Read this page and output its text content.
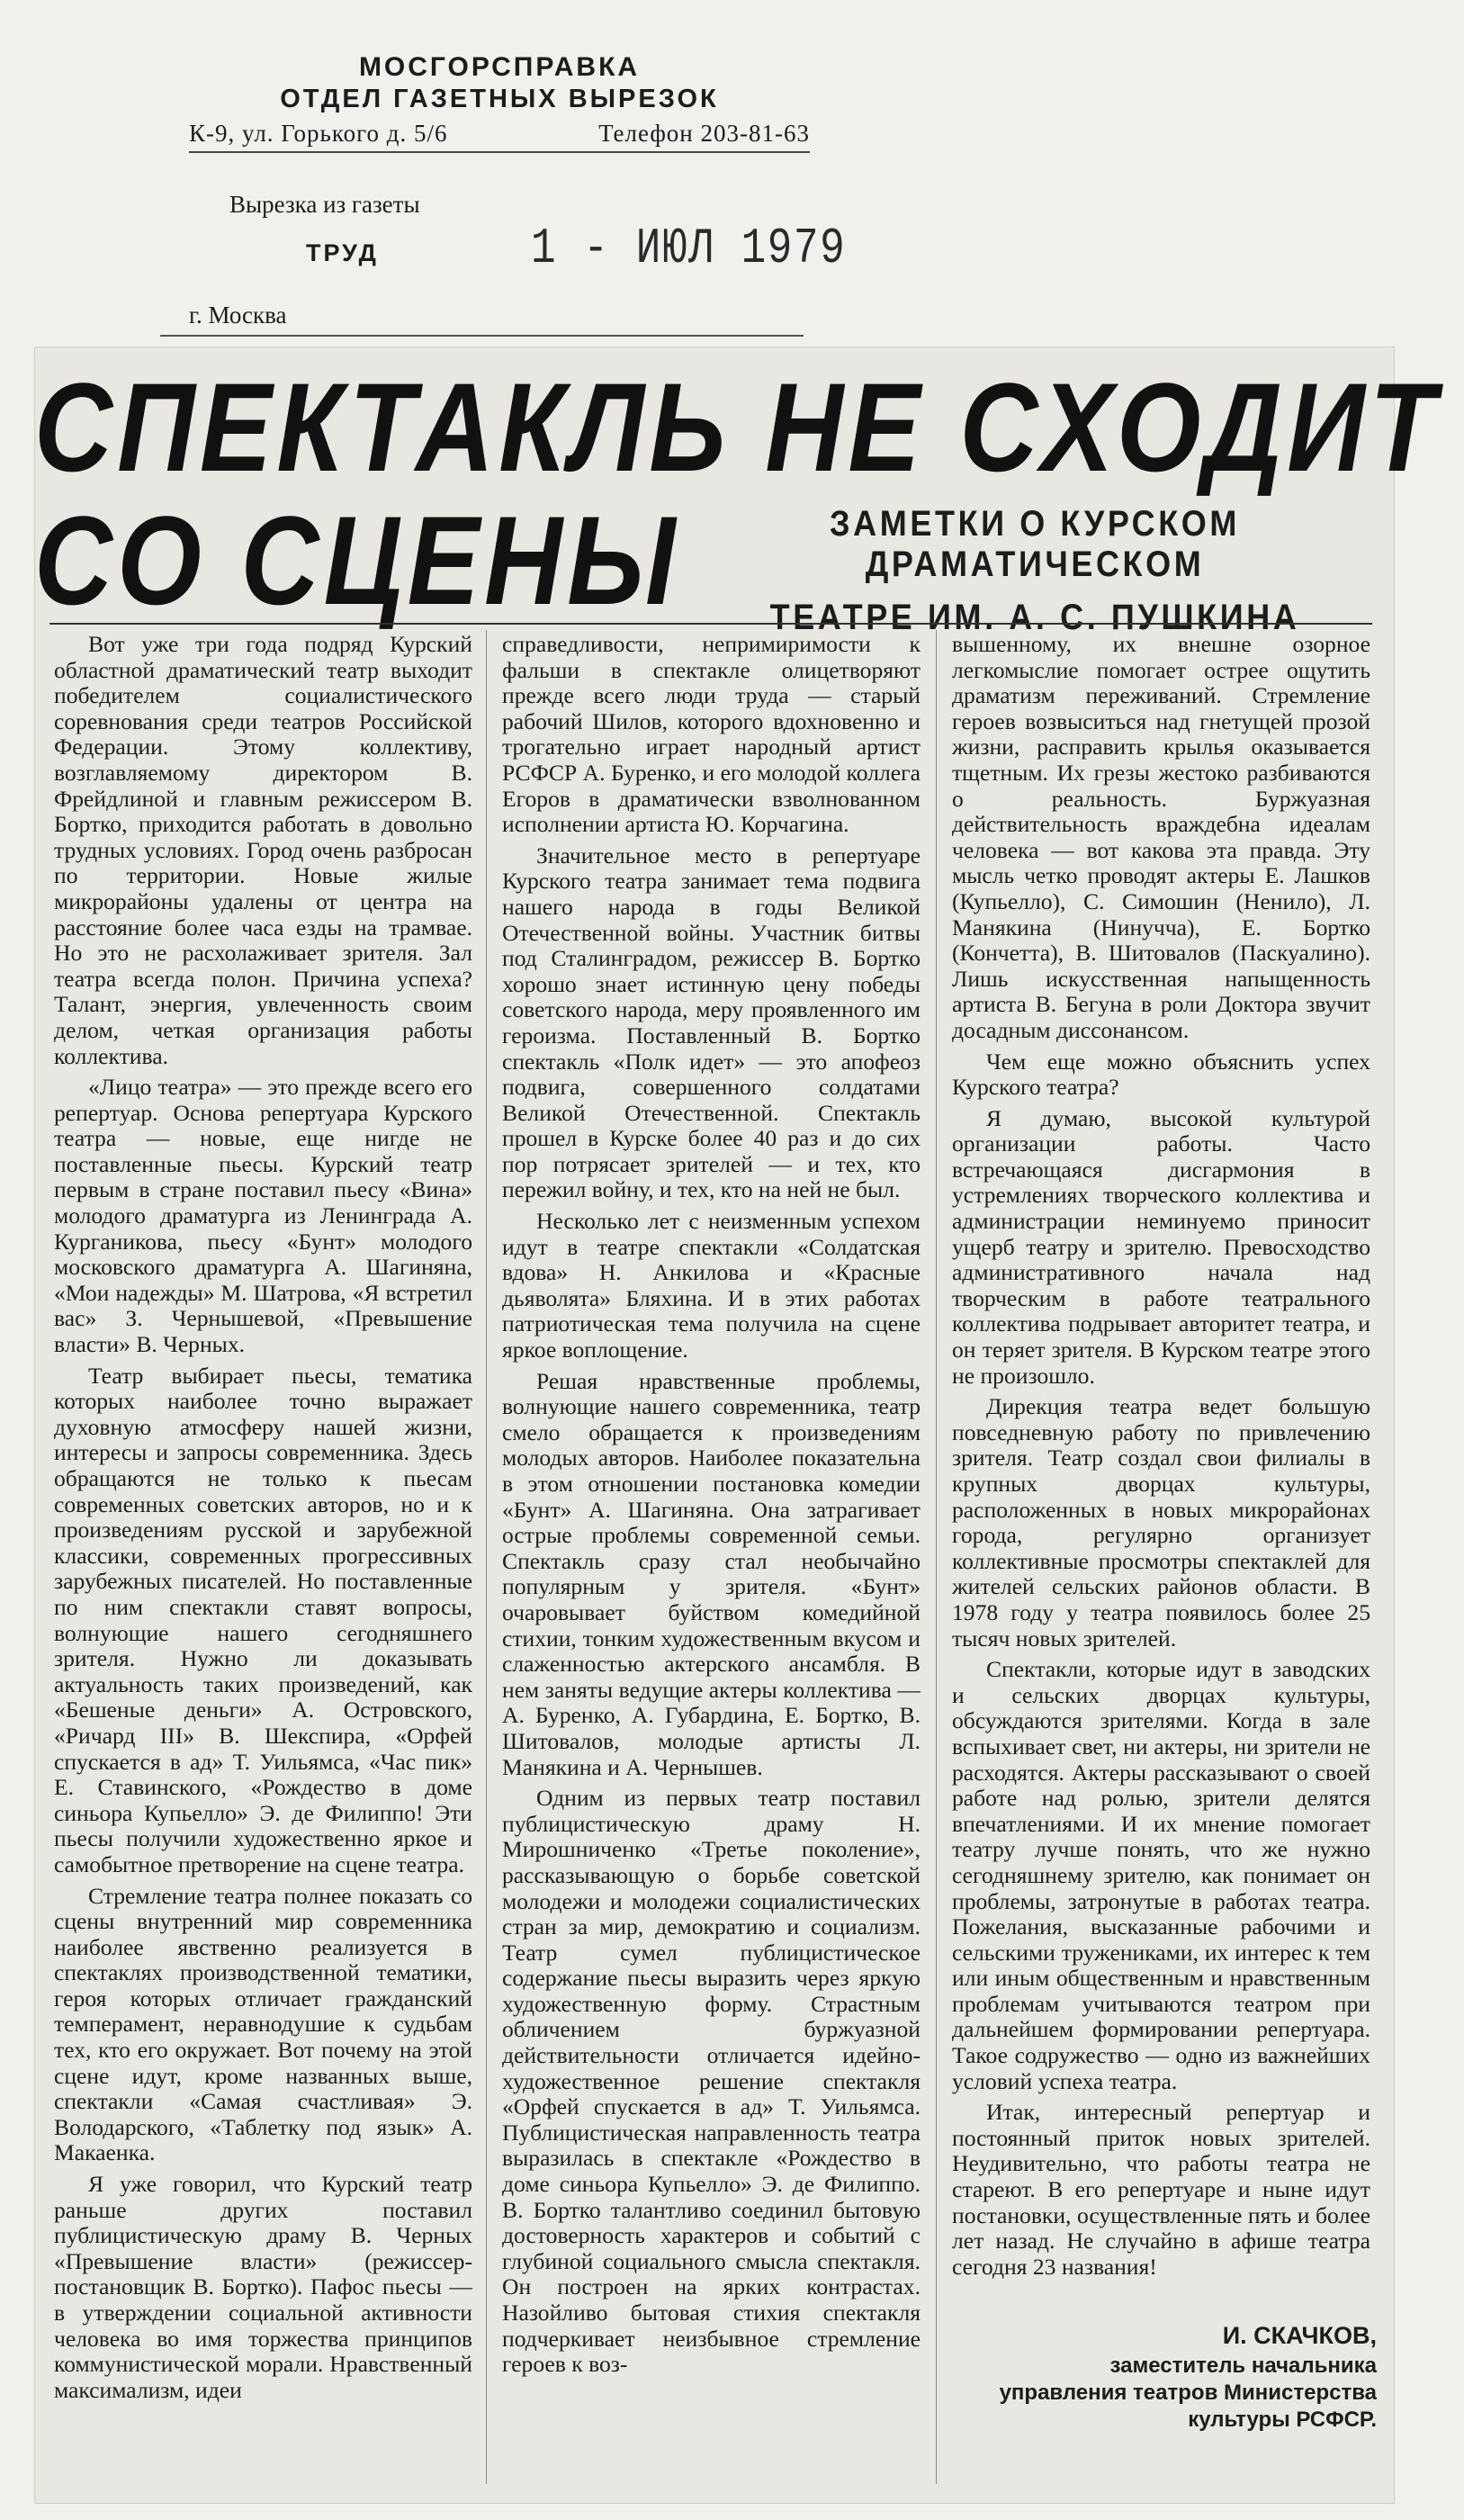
МОСГОРСПРАВКА
ОТДЕЛ ГАЗЕТНЫХ ВЫРЕЗОК
К-9, ул. Горького д. 5/6	Телефон 203-81-63
Вырезка из газеты
ТРУД	1 - ИЮЛ 1979
г. Москва
СПЕКТАКЛЬ НЕ СХОДИТ
СО СЦЕНЫ	ЗАМЕТКИ О КУРСКОМ ДРАМАТИЧЕСКОМ
ТЕАТРЕ ИМ. А. С. ПУШКИНА

Вот уже три года подряд Курский областной драматический театр выходит победителем социалистического соревнования среди театров Российской Федерации. Этому коллективу, возглавляемому директором В. Фрейдлиной и главным режиссером В. Бортко, приходится работать в довольно трудных условиях. Город очень разбросан по территории. Новые жилые микрорайоны удалены от центра на расстояние более часа езды на трамвае. Но это не расхолаживает зрителя. Зал театра всегда полон. Причина успеха? Талант, энергия, увлеченность своим делом, четкая организация работы коллектива.

«Лицо театра» — это прежде всего его репертуар. Основа репертуара Курского театра — новые, еще нигде не поставленные пьесы. Курский театр первым в стране поставил пьесу «Вина» молодого драматурга из Ленинграда А. Курганикова, пьесу «Бунт» молодого московского драматурга А. Шагиняна, «Мои надежды» М. Шатрова, «Я встретил вас» З. Чернышевой, «Превышение власти» В. Черных.

Театр выбирает пьесы, тематика которых наиболее точно выражает духовную атмосферу нашей жизни, интересы и запросы современника. Здесь обращаются не только к пьесам современных советских авторов, но и к произведениям русской и зарубежной классики, современных прогрессивных зарубежных писателей. Но поставленные по ним спектакли ставят вопросы, волнующие нашего сегодняшнего зрителя. Нужно ли доказывать актуальность таких произведений, как «Бешеные деньги» А. Островского, «Ричард III» В. Шекспира, «Орфей спускается в ад» Т. Уильямса, «Час пик» Е. Ставинского, «Рождество в доме синьора Купьелло» Э. де Филиппо! Эти пьесы получили художественно яркое и самобытное претворение на сцене театра.

Стремление театра полнее показать со сцены внутренний мир современника наиболее явственно реализуется в спектаклях производственной тематики, героя которых отличает гражданский темперамент, неравнодушие к судьбам тех, кто его окружает. Вот почему на этой сцене идут, кроме названных выше, спектакли «Самая счастливая» Э. Володарского, «Таблетку под язык» А. Макаенка.

Я уже говорил, что Курский театр раньше других поставил публицистическую драму В. Черных «Превышение власти» (режиссер-постановщик В. Бортко). Пафос пьесы — в утверждении социальной активности человека во имя торжества принципов коммунистической морали. Нравственный максимализм, идеи

справедливости, непримиримости к фальши в спектакле олицетворяют прежде всего люди труда — старый рабочий Шилов, которого вдохновенно и трогательно играет народный артист РСФСР А. Буренко, и его молодой коллега Егоров в драматически взволнованном исполнении артиста Ю. Корчагина.

Значительное место в репертуаре Курского театра занимает тема подвига нашего народа в годы Великой Отечественной войны. Участник битвы под Сталинградом, режиссер В. Бортко хорошо знает истинную цену победы советского народа, меру проявленного им героизма. Поставленный В. Бортко спектакль «Полк идет» — это апофеоз подвига, совершенного солдатами Великой Отечественной. Спектакль прошел в Курске более 40 раз и до сих пор потрясает зрителей — и тех, кто пережил войну, и тех, кто на ней не был.

Несколько лет с неизменным успехом идут в театре спектакли «Солдатская вдова» Н. Анкилова и «Красные дьяволята» Бляхина. И в этих работах патриотическая тема получила на сцене яркое воплощение.

Решая нравственные проблемы, волнующие нашего современника, театр смело обращается к произведениям молодых авторов. Наиболее показательна в этом отношении постановка комедии «Бунт» А. Шагиняна. Она затрагивает острые проблемы современной семьи. Спектакль сразу стал необычайно популярным у зрителя. «Бунт» очаровывает буйством комедийной стихии, тонким художественным вкусом и слаженностью актерского ансамбля. В нем заняты ведущие актеры коллектива — А. Буренко, А. Губардина, Е. Бортко, В. Шитовалов, молодые артисты Л. Манякина и А. Чернышев.

Одним из первых театр поставил публицистическую драму Н. Мирошниченко «Третье поколение», рассказывающую о борьбе советской молодежи и молодежи социалистических стран за мир, демократию и социализм. Театр сумел публицистическое содержание пьесы выразить через яркую художественную форму. Страстным обличением буржуазной действительности отличается идейно-художественное решение спектакля «Орфей спускается в ад» Т. Уильямса. Публицистическая направленность театра выразилась в спектакле «Рождество в доме синьора Купьелло» Э. де Филиппо. В. Бортко талантливо соединил бытовую достоверность характеров и событий с глубиной социального смысла спектакля. Он построен на ярких контрастах. Назойливо бытовая стихия спектакля подчеркивает неизбывное стремление героев к воз-

вышенному, их внешне озорное легкомыслие помогает острее ощутить драматизм переживаний. Стремление героев возвыситься над гнетущей прозой жизни, расправить крылья оказывается тщетным. Их грезы жестоко разбиваются о реальность. Буржуазная действительность враждебна идеалам человека — вот какова эта правда. Эту мысль четко проводят актеры Е. Лашков (Купьелло), С. Симошин (Ненило), Л. Манякина (Нинучча), Е. Бортко (Кончетта), В. Шитовалов (Паскуалино). Лишь искусственная напыщенность артиста В. Бегуна в роли Доктора звучит досадным диссонансом.

Чем еще можно объяснить успех Курского театра?

Я думаю, высокой культурой организации работы. Часто встречающаяся дисгармония в устремлениях творческого коллектива и администрации неминуемо приносит ущерб театру и зрителю. Превосходство административного начала над творческим в работе театрального коллектива подрывает авторитет театра, и он теряет зрителя. В Курском театре этого не произошло.

Дирекция театра ведет большую повседневную работу по привлечению зрителя. Театр создал свои филиалы в крупных дворцах культуры, расположенных в новых микрорайонах города, регулярно организует коллективные просмотры спектаклей для жителей сельских районов области. В 1978 году у театра появилось более 25 тысяч новых зрителей.

Спектакли, которые идут в заводских и сельских дворцах культуры, обсуждаются зрителями. Когда в зале вспыхивает свет, ни актеры, ни зрители не расходятся. Актеры рассказывают о своей работе над ролью, зрители делятся впечатлениями. И их мнение помогает театру лучше понять, что же нужно сегодняшнему зрителю, как понимает он проблемы, затронутые в работах театра. Пожелания, высказанные рабочими и сельскими тружениками, их интерес к тем или иным общественным и нравственным проблемам учитываются театром при дальнейшем формировании репертуара. Такое содружество — одно из важнейших условий успеха театра.

Итак, интересный репертуар и постоянный приток новых зрителей. Неудивительно, что работы театра не стареют. В его репертуаре и ныне идут постановки, осуществленные пять и более лет назад. Не случайно в афише театра сегодня 23 названия!

И. СКАЧКОВ,
заместитель начальника управления театров Министерства культуры РСФСР.
